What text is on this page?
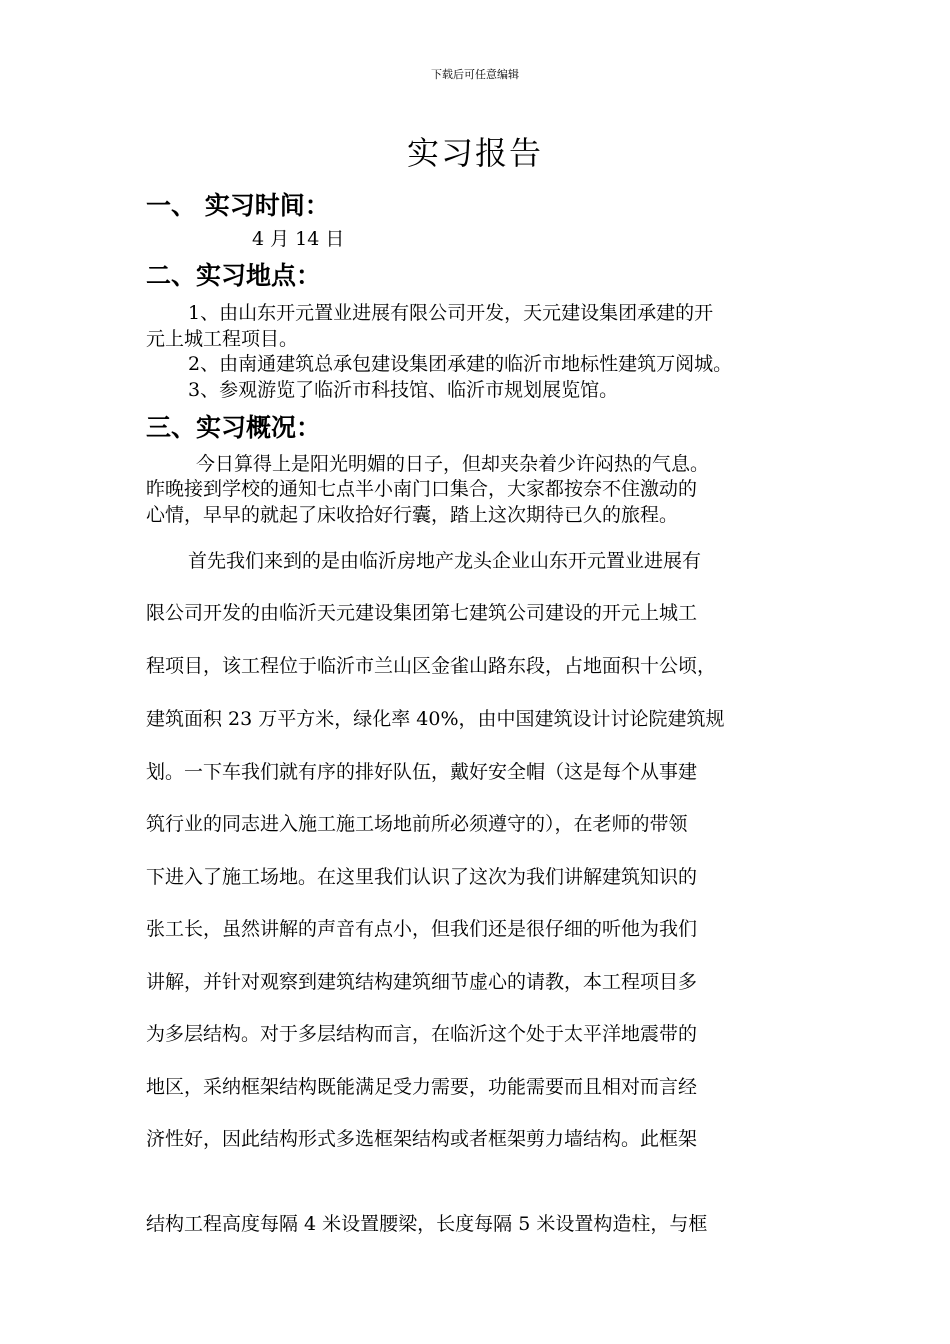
下载后可任意编辑
实习报告
一、 实习时间：
4 月 14 日
二、实习地点：
1、由山东开元置业进展有限公司开发，天元建设集团承建的开
元上城工程项目。
2、由南通建筑总承包建设集团承建的临沂市地标性建筑万阅城。
3、参观游览了临沂市科技馆、临沂市规划展览馆。
三、实习概况：
今日算得上是阳光明媚的日子，但却夹杂着少许闷热的气息。
昨晚接到学校的通知七点半小南门口集合，大家都按奈不住激动的
心情，早早的就起了床收拾好行囊，踏上这次期待已久的旅程。
首先我们来到的是由临沂房地产龙头企业山东开元置业进展有
限公司开发的由临沂天元建设集团第七建筑公司建设的开元上城工
程项目，该工程位于临沂市兰山区金雀山路东段，占地面积十公顷，
建筑面积 23 万平方米，绿化率 40%，由中国建筑设计讨论院建筑规
划。一下车我们就有序的排好队伍，戴好安全帽（这是每个从事建
筑行业的同志进入施工施工场地前所必须遵守的），在老师的带领
下进入了施工场地。在这里我们认识了这次为我们讲解建筑知识的
张工长，虽然讲解的声音有点小，但我们还是很仔细的听他为我们
讲解，并针对观察到建筑结构建筑细节虚心的请教，本工程项目多
为多层结构。对于多层结构而言，在临沂这个处于太平洋地震带的
地区，采纳框架结构既能满足受力需要，功能需要而且相对而言经
济性好，因此结构形式多选框架结构或者框架剪力墙结构。此框架
结构工程高度每隔 4 米设置腰梁，长度每隔 5 米设置构造柱，与框
